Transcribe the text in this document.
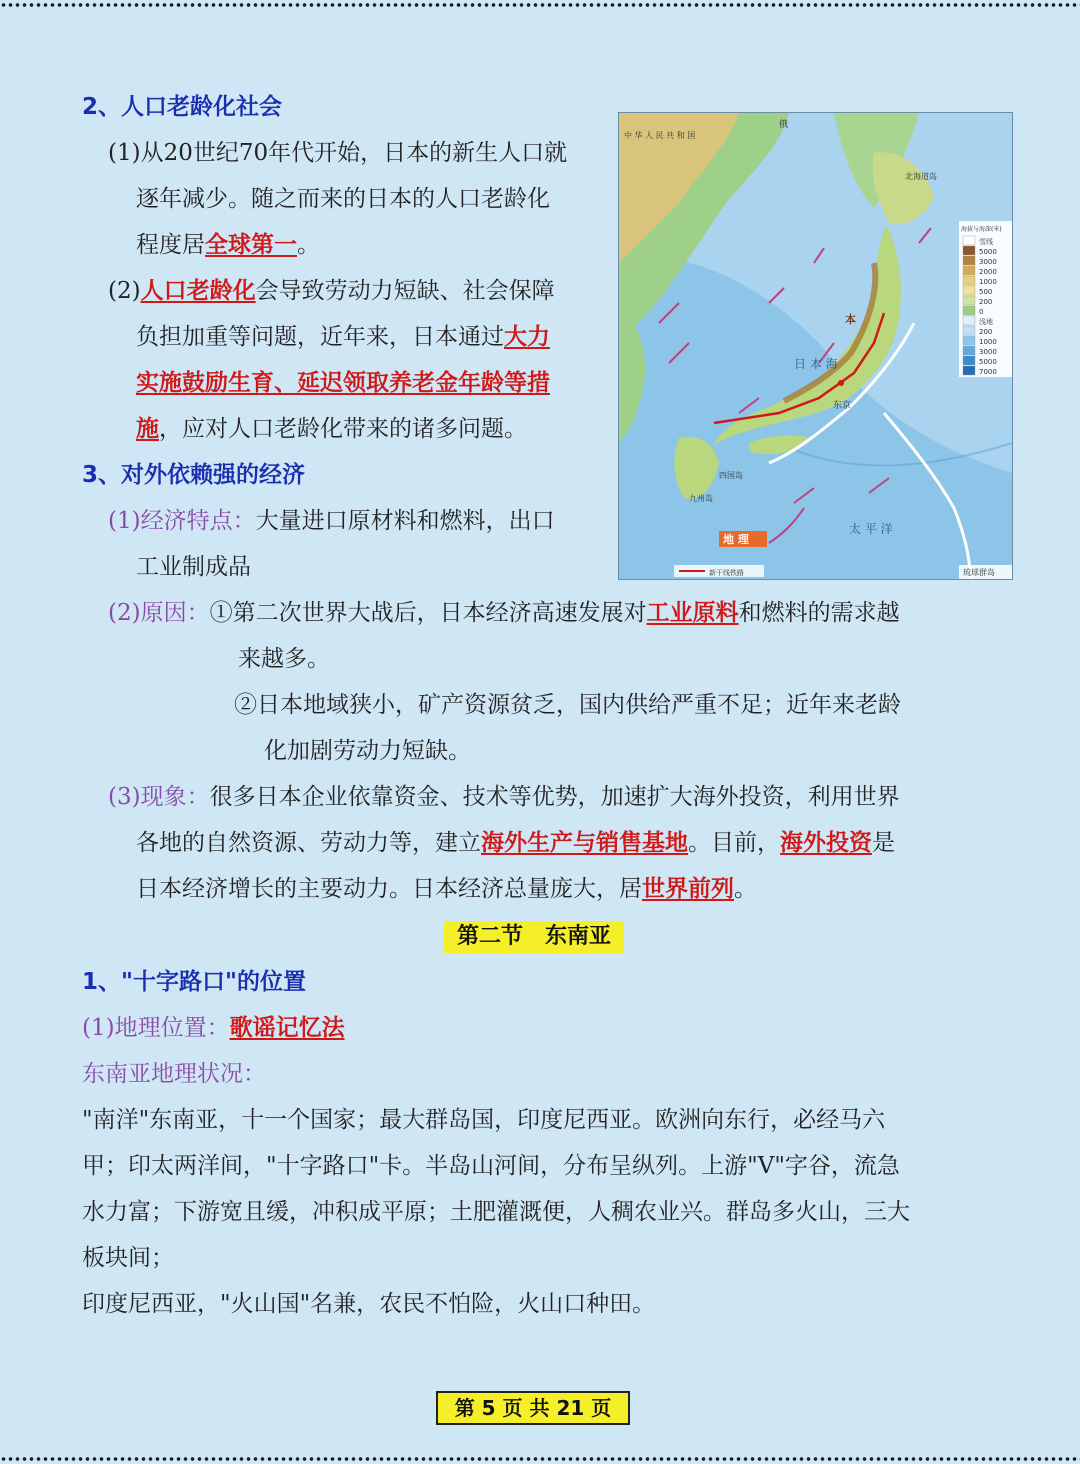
2、人口老龄化社会
(1)从20世纪70年代开始，日本的新生人口就
逐年减少。随之而来的日本的人口老龄化
程度居全球第一。
(2)人口老龄化会导致劳动力短缺、社会保障
负担加重等问题，近年来，日本通过大力
实施鼓励生育、延迟领取养老金年龄等措
施，应对人口老龄化带来的诸多问题。
3、对外依赖强的经济
(1)经济特点：大量进口原材料和燃料，出口
工业制成品
(2)原因：①第二次世界大战后，日本经济高速发展对工业原料和燃料的需求越
来越多。
②日本地域狭小，矿产资源贫乏，国内供给严重不足；近年来老龄
化加剧劳动力短缺。
(3)现象：很多日本企业依靠资金、技术等优势，加速扩大海外投资，利用世界
各地的自然资源、劳动力等，建立海外生产与销售基地。目前，海外投资是
日本经济增长的主要动力。日本经济总量庞大，居世界前列。
中 华 人 民 共 和 国
俄
北海道岛
本
四国岛
九州岛
东京
日 本 海
太 平 洋
地 理
新干线铁路	琉球群岛
海拔与海深(米)
雪线
5000
3000
2000
1000
500
200
0
浅地
200
1000
3000
5000
7000
第二节　东南亚
1、"十字路口"的位置
(1)地理位置：歌谣记忆法
东南亚地理状况：
"南洋"东南亚，十一个国家；最大群岛国，印度尼西亚。欧洲向东行，必经马六
甲；印太两洋间，"十字路口"卡。半岛山河间，分布呈纵列。上游"V"字谷，流急
水力富；下游宽且缓，冲积成平原；土肥灌溉便，人稠农业兴。群岛多火山，三大
板块间；
印度尼西亚，"火山国"名兼，农民不怕险，火山口种田。
第 5 页 共 21 页
